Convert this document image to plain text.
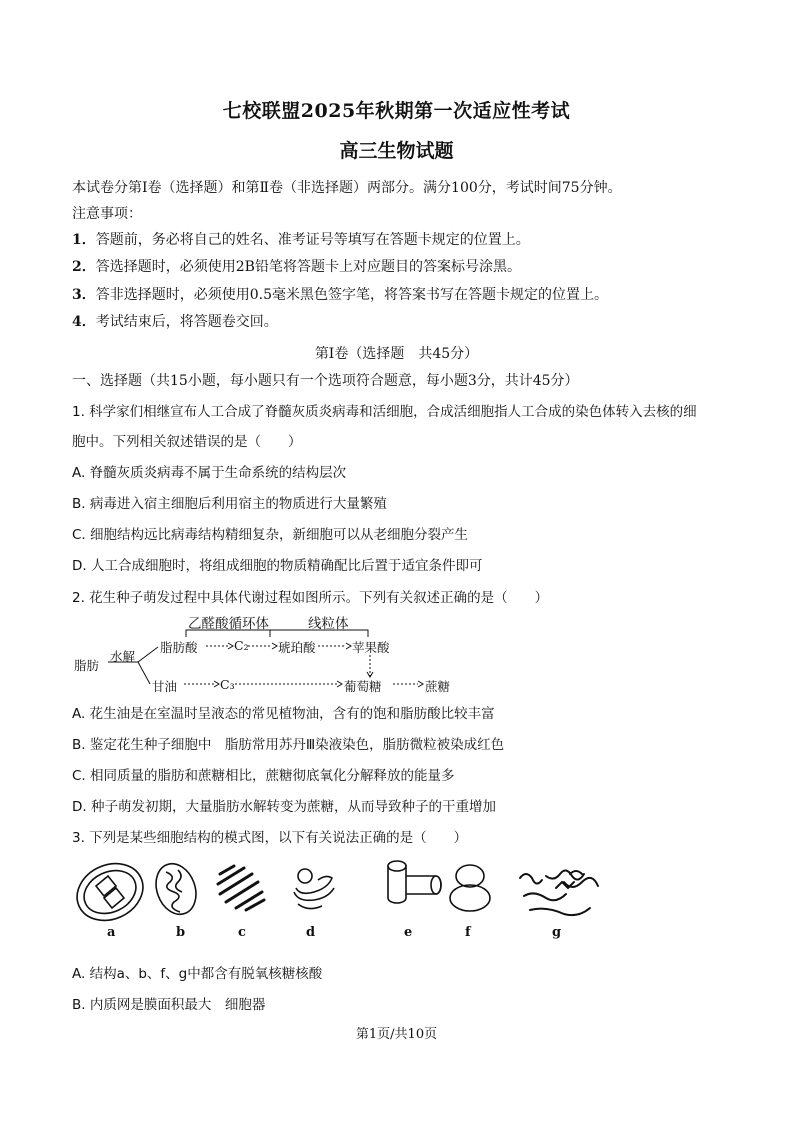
七校联盟2025年秋期第一次适应性考试
高三生物试题
本试卷分第Ⅰ卷（选择题）和第Ⅱ卷（非选择题）两部分。满分100分，考试时间75分钟。
注意事项：
1．答题前，务必将自己的姓名、准考证号等填写在答题卡规定的位置上。
2．答选择题时，必须使用2B铅笔将答题卡上对应题目的答案标号涂黑。
3．答非选择题时，必须使用0.5毫米黑色签字笔，将答案书写在答题卡规定的位置上。
4．考试结束后，将答题卷交回。
第Ⅰ卷（选择题　共45分）
一、选择题（共15小题，每小题只有一个选项符合题意，每小题3分，共计45分）
1. 科学家们相继宣布人工合成了脊髓灰质炎病毒和活细胞，合成活细胞指人工合成的染色体转入去核的细
胞中。下列相关叙述错误的是（　　）
A. 脊髓灰质炎病毒不属于生命系统的结构层次
B. 病毒进入宿主细胞后利用宿主的物质进行大量繁殖
C. 细胞结构远比病毒结构精细复杂，新细胞可以从老细胞分裂产生
D. 人工合成细胞时，将组成细胞的物质精确配比后置于适宜条件即可
2. 花生种子萌发过程中具体代谢过程如图所示。下列有关叙述正确的是（　　）
乙醛酸循环体	线粒体
脂肪
水解
脂肪酸	C₂ 琥珀酸	苹果酸
甘油	C₃	葡萄糖	蔗糖
A. 花生油是在室温时呈液态的常见植物油，含有的饱和脂肪酸比较丰富
B. 鉴定花生种子细胞中　脂肪常用苏丹Ⅲ染液染色，脂肪微粒被染成红色
C. 相同质量的脂肪和蔗糖相比，蔗糖彻底氧化分解释放的能量多
D. 种子萌发初期，大量脂肪水解转变为蔗糖，从而导致种子的干重增加
3. 下列是某些细胞结构的模式图，以下有关说法正确的是（　　）
a	b	c	d	e	f	g
A. 结构a、b、f、g中都含有脱氧核糖核酸
B. 内质网是膜面积最大　细胞器
第1页/共10页
